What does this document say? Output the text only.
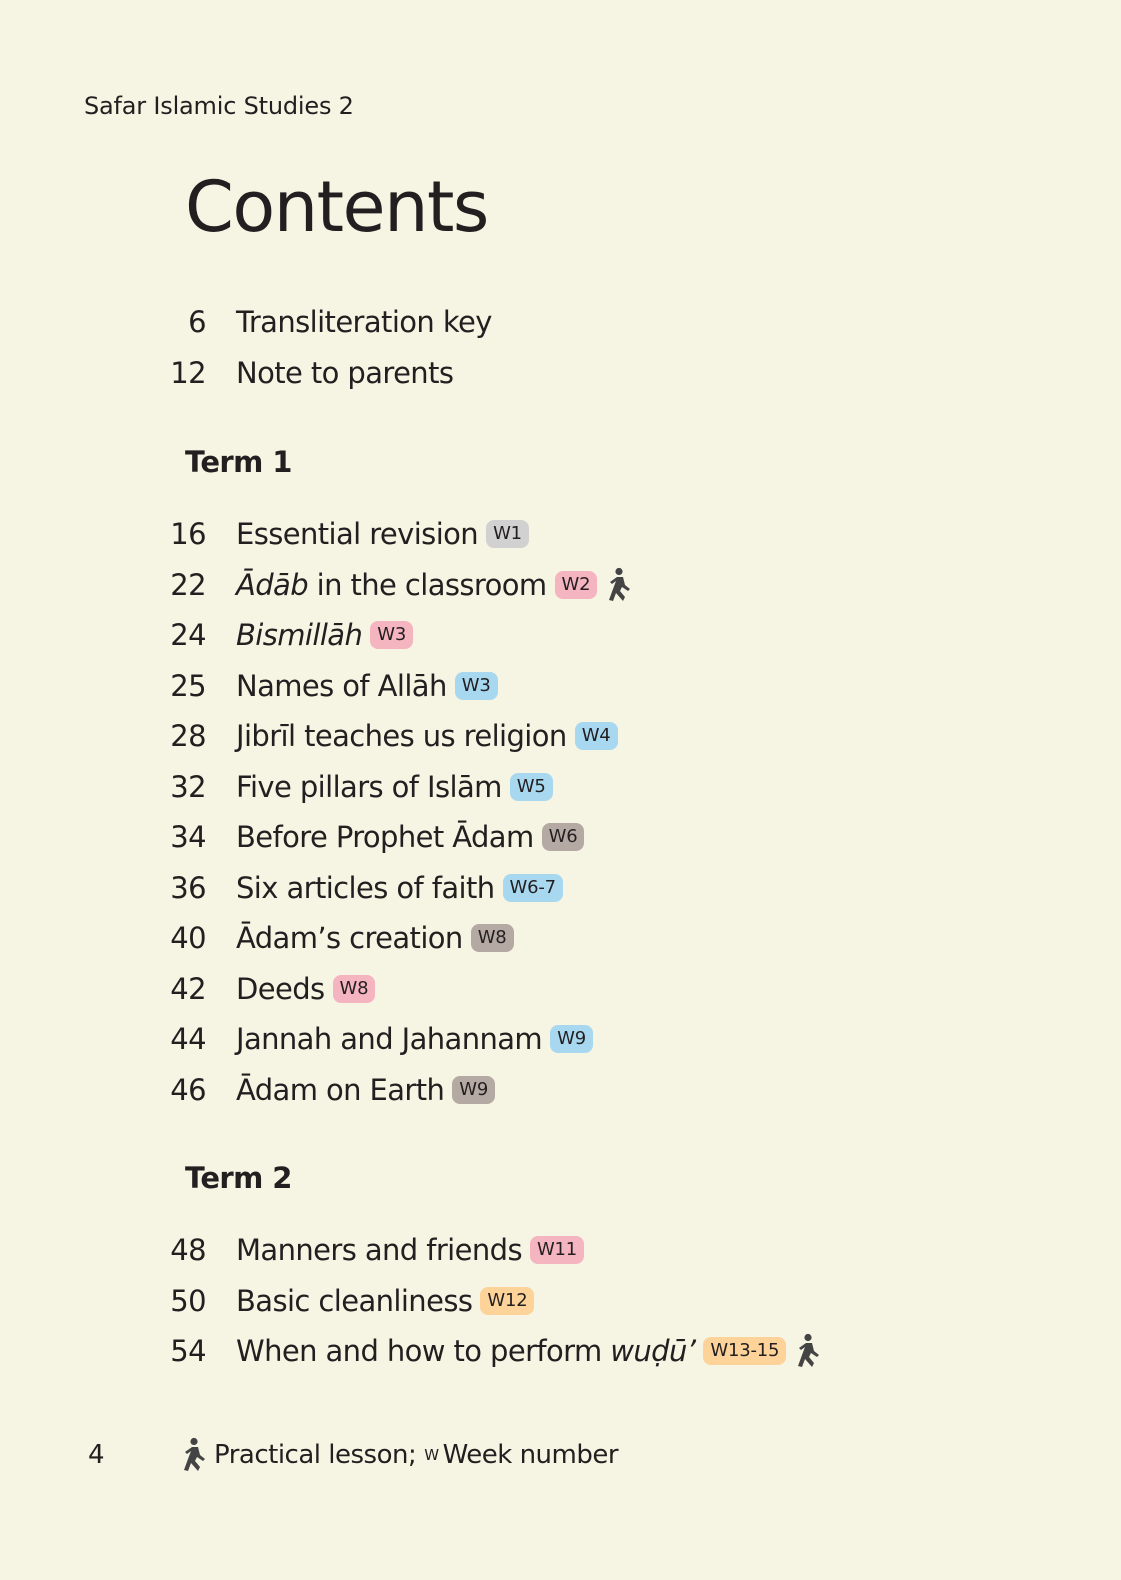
Safar Islamic Studies 2
Contents
6	Transliteration key
12	Note to parents
Term 1
16	Essential revision W1
22	Ādāb in the classroom W2
24	Bismillāh W3
25	Names of Allāh W3
28	Jibrīl teaches us religion W4
32	Five pillars of Islām W5
34	Before Prophet Ādam W6
36	Six articles of faith W6-7
40	Ādam’s creation W8
42	Deeds W8
44	Jannah and Jahannam W9
46	Ādam on Earth W9
Term 2
48	Manners and friends W11
50	Basic cleanliness W12
54	When and how to perform wuḍū’ W13-15
4	Practical lesson; W Week number
